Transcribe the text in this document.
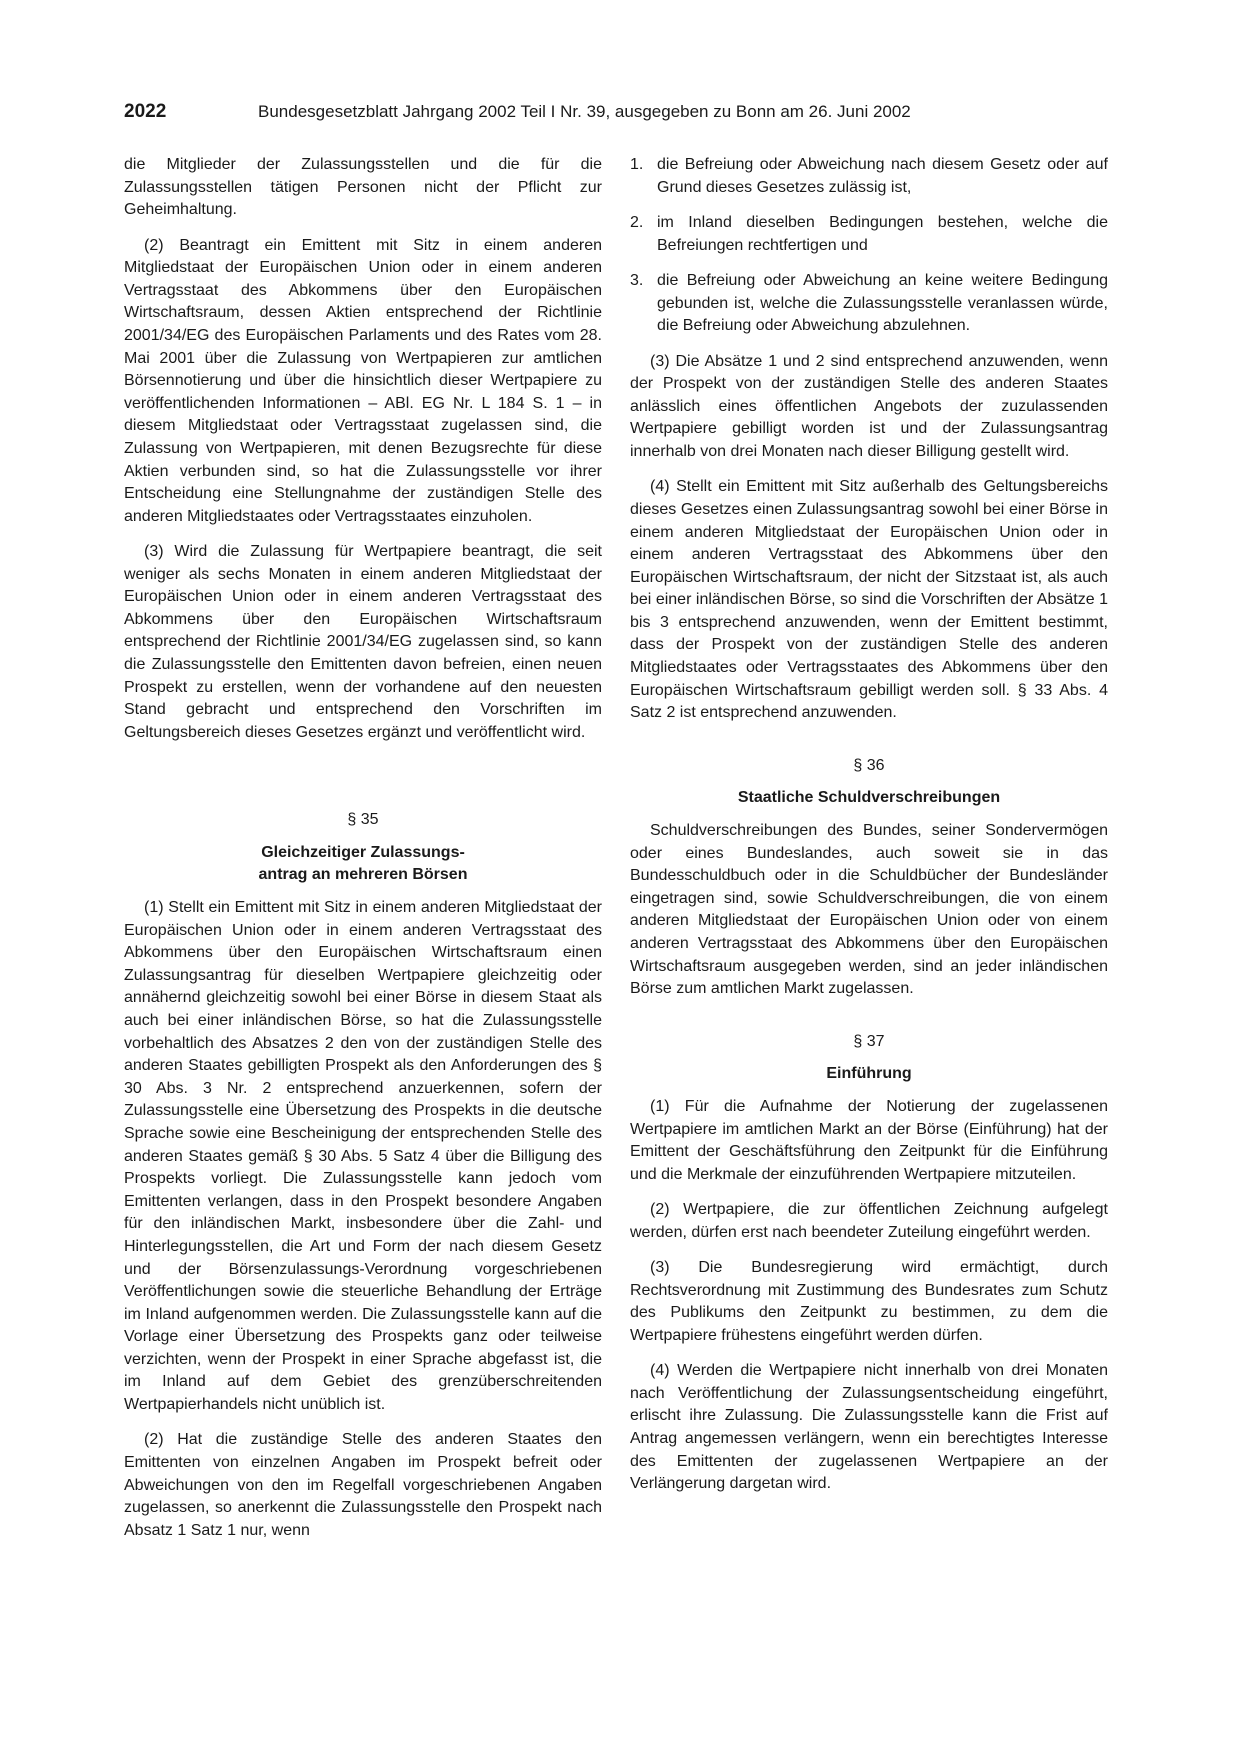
2022	Bundesgesetzblatt Jahrgang 2002 Teil I Nr. 39, ausgegeben zu Bonn am 26. Juni 2002

die Mitglieder der Zulassungsstellen und die für die Zulassungsstellen tätigen Personen nicht der Pflicht zur Geheimhaltung.

(2) Beantragt ein Emittent mit Sitz in einem anderen Mitgliedstaat der Europäischen Union oder in einem anderen Vertragsstaat des Abkommens über den Europäischen Wirtschaftsraum, dessen Aktien entsprechend der Richtlinie 2001/34/EG des Europäischen Parlaments und des Rates vom 28. Mai 2001 über die Zulassung von Wertpapieren zur amtlichen Börsennotierung und über die hinsichtlich dieser Wertpapiere zu veröffentlichenden Informationen – ABl. EG Nr. L 184 S. 1 – in diesem Mitgliedstaat oder Vertragsstaat zugelassen sind, die Zulassung von Wertpapieren, mit denen Bezugsrechte für diese Aktien verbunden sind, so hat die Zulassungsstelle vor ihrer Entscheidung eine Stellungnahme der zuständigen Stelle des anderen Mitgliedstaates oder Vertragsstaates einzuholen.

(3) Wird die Zulassung für Wertpapiere beantragt, die seit weniger als sechs Monaten in einem anderen Mitgliedstaat der Europäischen Union oder in einem anderen Vertragsstaat des Abkommens über den Europäischen Wirtschaftsraum entsprechend der Richtlinie 2001/34/EG zugelassen sind, so kann die Zulassungsstelle den Emittenten davon befreien, einen neuen Prospekt zu erstellen, wenn der vorhandene auf den neuesten Stand gebracht und entsprechend den Vorschriften im Geltungsbereich dieses Gesetzes ergänzt und veröffentlicht wird.

§ 35
Gleichzeitiger Zulassungs-
antrag an mehreren Börsen

(1) Stellt ein Emittent mit Sitz in einem anderen Mitgliedstaat der Europäischen Union oder in einem anderen Vertragsstaat des Abkommens über den Europäischen Wirtschaftsraum einen Zulassungsantrag für dieselben Wertpapiere gleichzeitig oder annähernd gleichzeitig sowohl bei einer Börse in diesem Staat als auch bei einer inländischen Börse, so hat die Zulassungsstelle vorbehaltlich des Absatzes 2 den von der zuständigen Stelle des anderen Staates gebilligten Prospekt als den Anforderungen des § 30 Abs. 3 Nr. 2 entsprechend anzuerkennen, sofern der Zulassungsstelle eine Übersetzung des Prospekts in die deutsche Sprache sowie eine Bescheinigung der entsprechenden Stelle des anderen Staates gemäß § 30 Abs. 5 Satz 4 über die Billigung des Prospekts vorliegt. Die Zulassungsstelle kann jedoch vom Emittenten verlangen, dass in den Prospekt besondere Angaben für den inländischen Markt, insbesondere über die Zahl- und Hinterlegungsstellen, die Art und Form der nach diesem Gesetz und der Börsenzulassungs-Verordnung vorgeschriebenen Veröffentlichungen sowie die steuerliche Behandlung der Erträge im Inland aufgenommen werden. Die Zulassungsstelle kann auf die Vorlage einer Übersetzung des Prospekts ganz oder teilweise verzichten, wenn der Prospekt in einer Sprache abgefasst ist, die im Inland auf dem Gebiet des grenzüberschreitenden Wertpapierhandels nicht unüblich ist.

(2) Hat die zuständige Stelle des anderen Staates den Emittenten von einzelnen Angaben im Prospekt befreit oder Abweichungen von den im Regelfall vorgeschriebenen Angaben zugelassen, so anerkennt die Zulassungsstelle den Prospekt nach Absatz 1 Satz 1 nur, wenn

1. die Befreiung oder Abweichung nach diesem Gesetz oder auf Grund dieses Gesetzes zulässig ist,
2. im Inland dieselben Bedingungen bestehen, welche die Befreiungen rechtfertigen und
3. die Befreiung oder Abweichung an keine weitere Bedingung gebunden ist, welche die Zulassungsstelle veranlassen würde, die Befreiung oder Abweichung abzulehnen.

(3) Die Absätze 1 und 2 sind entsprechend anzuwenden, wenn der Prospekt von der zuständigen Stelle des anderen Staates anlässlich eines öffentlichen Angebots der zuzulassenden Wertpapiere gebilligt worden ist und der Zulassungsantrag innerhalb von drei Monaten nach dieser Billigung gestellt wird.

(4) Stellt ein Emittent mit Sitz außerhalb des Geltungsbereichs dieses Gesetzes einen Zulassungsantrag sowohl bei einer Börse in einem anderen Mitgliedstaat der Europäischen Union oder in einem anderen Vertragsstaat des Abkommens über den Europäischen Wirtschaftsraum, der nicht der Sitzstaat ist, als auch bei einer inländischen Börse, so sind die Vorschriften der Absätze 1 bis 3 entsprechend anzuwenden, wenn der Emittent bestimmt, dass der Prospekt von der zuständigen Stelle des anderen Mitgliedstaates oder Vertragsstaates des Abkommens über den Europäischen Wirtschaftsraum gebilligt werden soll. § 33 Abs. 4 Satz 2 ist entsprechend anzuwenden.

§ 36
Staatliche Schuldverschreibungen

Schuldverschreibungen des Bundes, seiner Sondervermögen oder eines Bundeslandes, auch soweit sie in das Bundesschuldbuch oder in die Schuldbücher der Bundesländer eingetragen sind, sowie Schuldverschreibungen, die von einem anderen Mitgliedstaat der Europäischen Union oder von einem anderen Vertragsstaat des Abkommens über den Europäischen Wirtschaftsraum ausgegeben werden, sind an jeder inländischen Börse zum amtlichen Markt zugelassen.

§ 37
Einführung

(1) Für die Aufnahme der Notierung der zugelassenen Wertpapiere im amtlichen Markt an der Börse (Einführung) hat der Emittent der Geschäftsführung den Zeitpunkt für die Einführung und die Merkmale der einzuführenden Wertpapiere mitzuteilen.

(2) Wertpapiere, die zur öffentlichen Zeichnung aufgelegt werden, dürfen erst nach beendeter Zuteilung eingeführt werden.

(3) Die Bundesregierung wird ermächtigt, durch Rechtsverordnung mit Zustimmung des Bundesrates zum Schutz des Publikums den Zeitpunkt zu bestimmen, zu dem die Wertpapiere frühestens eingeführt werden dürfen.

(4) Werden die Wertpapiere nicht innerhalb von drei Monaten nach Veröffentlichung der Zulassungsentscheidung eingeführt, erlischt ihre Zulassung. Die Zulassungsstelle kann die Frist auf Antrag angemessen verlängern, wenn ein berechtigtes Interesse des Emittenten der zugelassenen Wertpapiere an der Verlängerung dargetan wird.
